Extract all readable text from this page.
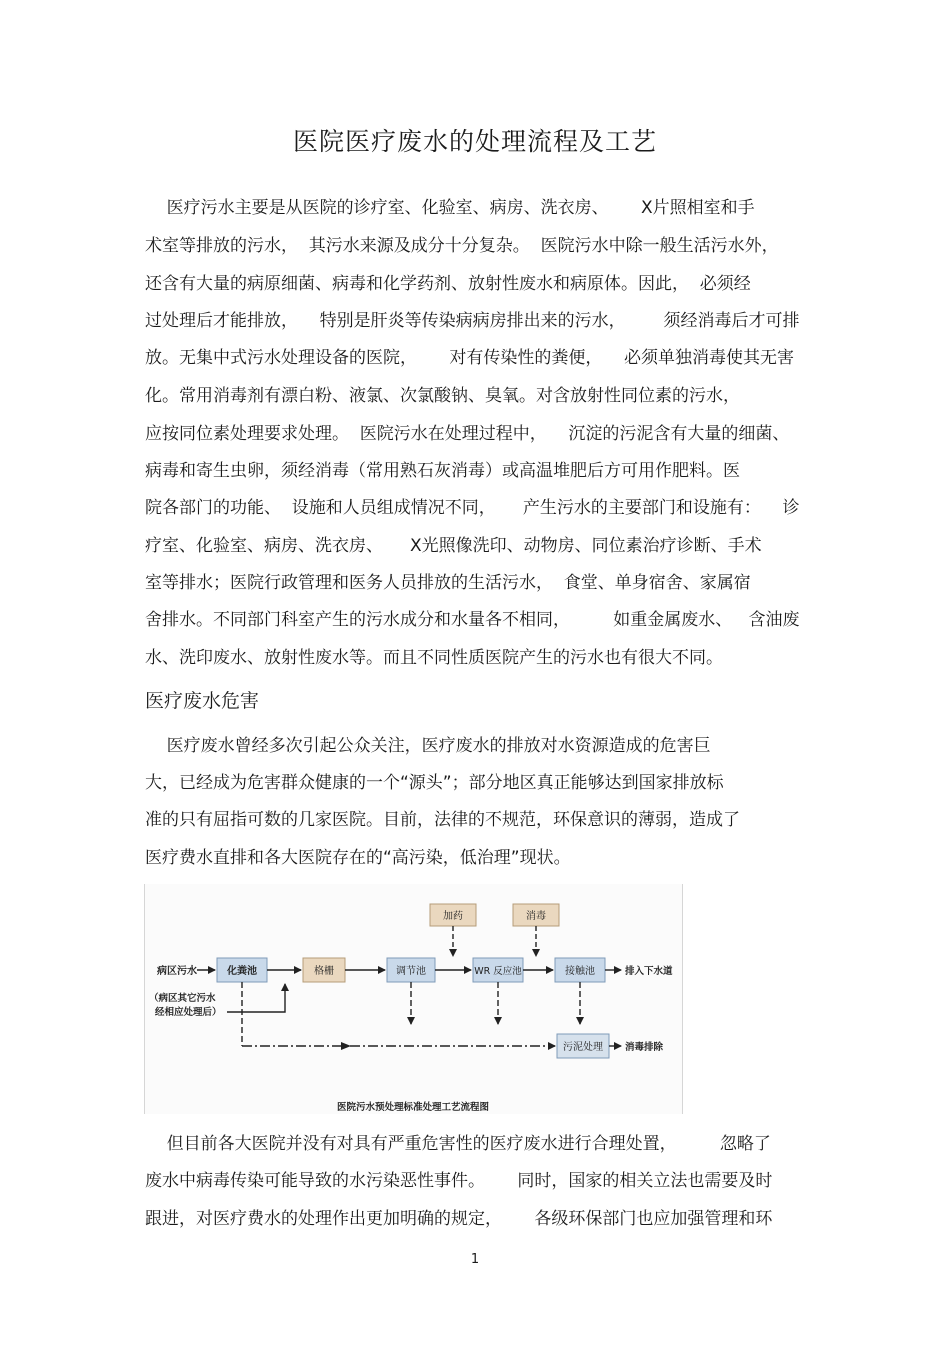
医院医疗废水的处理流程及工艺
医疗污水主要是从医院的诊疗室、化验室、病房、洗衣房、      X片照相室和手
术室等排放的污水，  其污水来源及成分十分复杂。  医院污水中除一般生活污水外，
还含有大量的病原细菌、病毒和化学药剂、放射性废水和病原体。因此，  必须经
过处理后才能排放，    特别是肝炎等传染病病房排出来的污水，       须经消毒后才可排
放。无集中式污水处理设备的医院，      对有传染性的粪便，    必须单独消毒使其无害
化。常用消毒剂有漂白粉、液氯、次氯酸钠、臭氧。对含放射性同位素的污水，
应按同位素处理要求处理。  医院污水在处理过程中，    沉淀的污泥含有大量的细菌、
病毒和寄生虫卵，须经消毒（常用熟石灰消毒）或高温堆肥后方可用作肥料。医
院各部门的功能、  设施和人员组成情况不同，     产生污水的主要部门和设施有：    诊
疗室、化验室、病房、洗衣房、     X光照像洗印、动物房、同位素治疗诊断、手术
室等排水；医院行政管理和医务人员排放的生活污水，  食堂、单身宿舍、家属宿
舍排水。不同部门科室产生的污水成分和水量各不相同，        如重金属废水、   含油废
水、洗印废水、放射性废水等。而且不同性质医院产生的污水也有很大不同。
医疗废水危害
医疗废水曾经多次引起公众关注，医疗废水的排放对水资源造成的危害巨
大，已经成为危害群众健康的一个“源头”；部分地区真正能够达到国家排放标
准的只有屈指可数的几家医院。目前，法律的不规范，环保意识的薄弱，造成了
医疗费水直排和各大医院存在的“高污染，低治理”现状。
化粪池	格栅	调节池	WR 反应池	接触池
加药	消毒
污泥处理
病区污水
（病区其它污水
经相应处理后）
排入下水道
消毒排除
医院污水预处理标准处理工艺流程图
但目前各大医院并没有对具有严重危害性的医疗废水进行合理处置，        忽略了
废水中病毒传染可能导致的水污染恶性事件。      同时，国家的相关立法也需要及时
跟进，对医疗费水的处理作出更加明确的规定，      各级环保部门也应加强管理和环
1
